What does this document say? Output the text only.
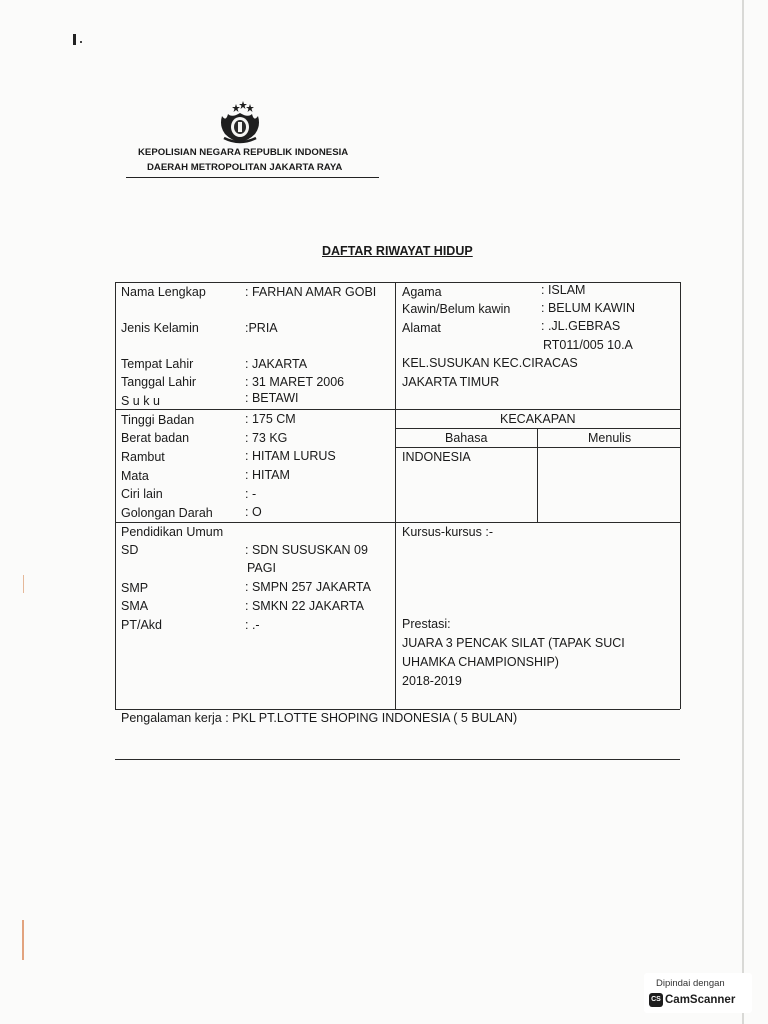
KEPOLISIAN NEGARA REPUBLIK INDONESIA
DAERAH METROPOLITAN JAKARTA RAYA
DAFTAR RIWAYAT HIDUP
Nama Lengkap	: FARHAN AMAR GOBI
Jenis Kelamin	:PRIA
Tempat Lahir	: JAKARTA
Tanggal Lahir	: 31 MARET 2006
S u k u	: BETAWI
Agama	: ISLAM
Kawin/Belum kawin : BELUM KAWIN
Alamat	: .JL.GEBRAS
RT011/005 10.A
KEL.SUSUKAN KEC.CIRACAS
JAKARTA TIMUR
Tinggi Badan	: 175 CM
Berat badan	: 73 KG
Rambut	: HITAM LURUS
Mata	: HITAM
Ciri lain	: -
Golongan Darah	: O
KECAKAPAN
Bahasa	Menulis
INDONESIA
Pendidikan Umum
SD	: SDN SUSUSKAN 09
PAGI
SMP	: SMPN 257 JAKARTA
SMA	: SMKN 22 JAKARTA
PT/Akd	: .-
Kursus-kursus :-
Prestasi:
JUARA 3 PENCAK SILAT (TAPAK SUCI
UHAMKA CHAMPIONSHIP)
2018-2019
Pengalaman kerja : PKL PT.LOTTE SHOPING INDONESIA ( 5 BULAN)
Dipindai dengan
CS CamScanner
